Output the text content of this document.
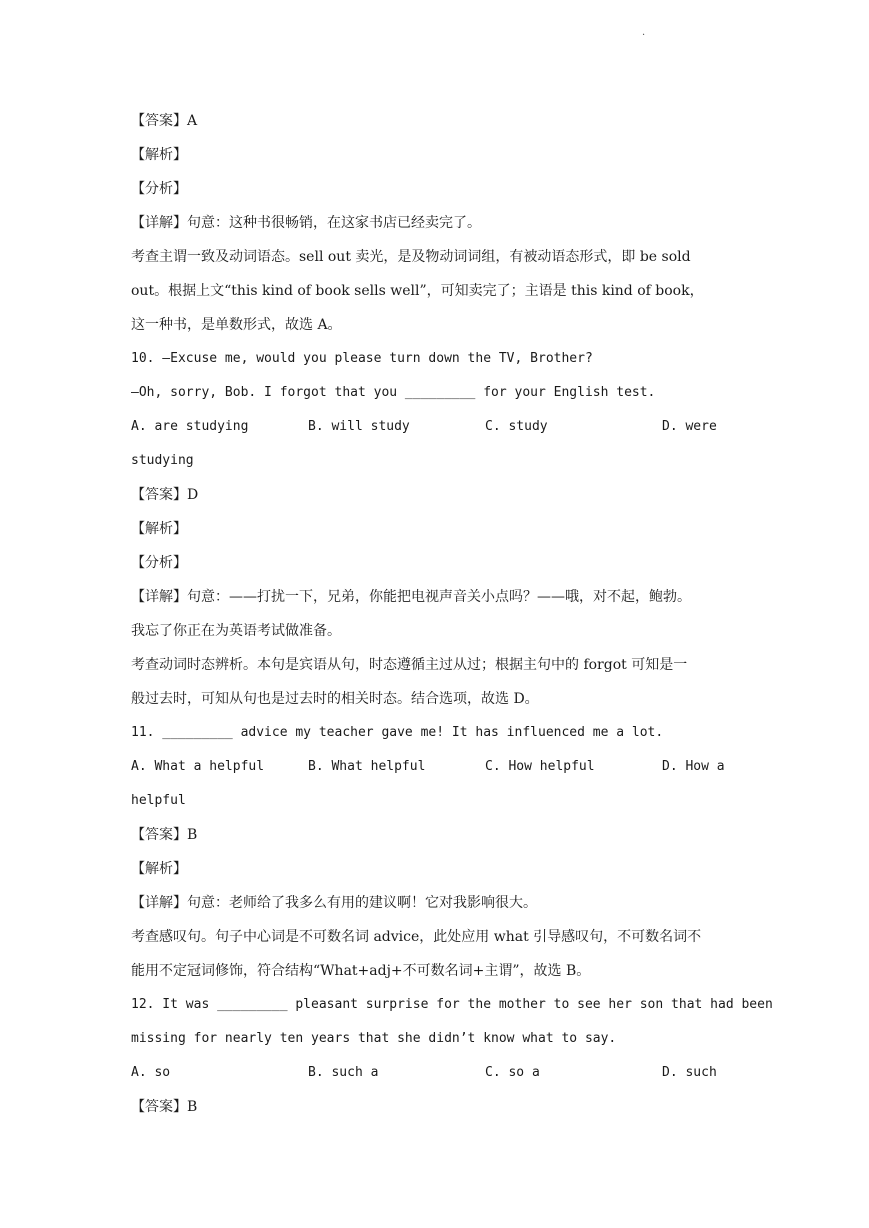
·
【答案】A
【解析】
【分析】
【详解】句意：这种书很畅销，在这家书店已经卖完了。
考查主谓一致及动词语态。sell out 卖光，是及物动词词组，有被动语态形式，即 be sold
out。根据上文“this kind of book sells well”，可知卖完了；主语是 this kind of book，
这一种书，是单数形式，故选 A。
10. —Excuse me, would you please turn down the TV, Brother?
—Oh, sorry, Bob. I forgot that you _________ for your English test.
A. are studying	B. will study	C. study	D. were
studying
【答案】D
【解析】
【分析】
【详解】句意：——打扰一下，兄弟，你能把电视声音关小点吗？——哦，对不起，鲍勃。
我忘了你正在为英语考试做准备。
考查动词时态辨析。本句是宾语从句，时态遵循主过从过；根据主句中的 forgot 可知是一
般过去时，可知从句也是过去时的相关时态。结合选项，故选 D。
11. _________ advice my teacher gave me! It has influenced me a lot.
A. What a helpful	B. What helpful	C. How helpful	D. How a
helpful
【答案】B
【解析】
【详解】句意：老师给了我多么有用的建议啊！它对我影响很大。
考查感叹句。句子中心词是不可数名词 advice，此处应用 what 引导感叹句，不可数名词不
能用不定冠词修饰，符合结构“What+adj+不可数名词+主谓”，故选 B。
12. It was _________ pleasant surprise for the mother to see her son that had been
missing for nearly ten years that she didn’t know what to say.
A. so	B. such a	C. so a	D. such
【答案】B
